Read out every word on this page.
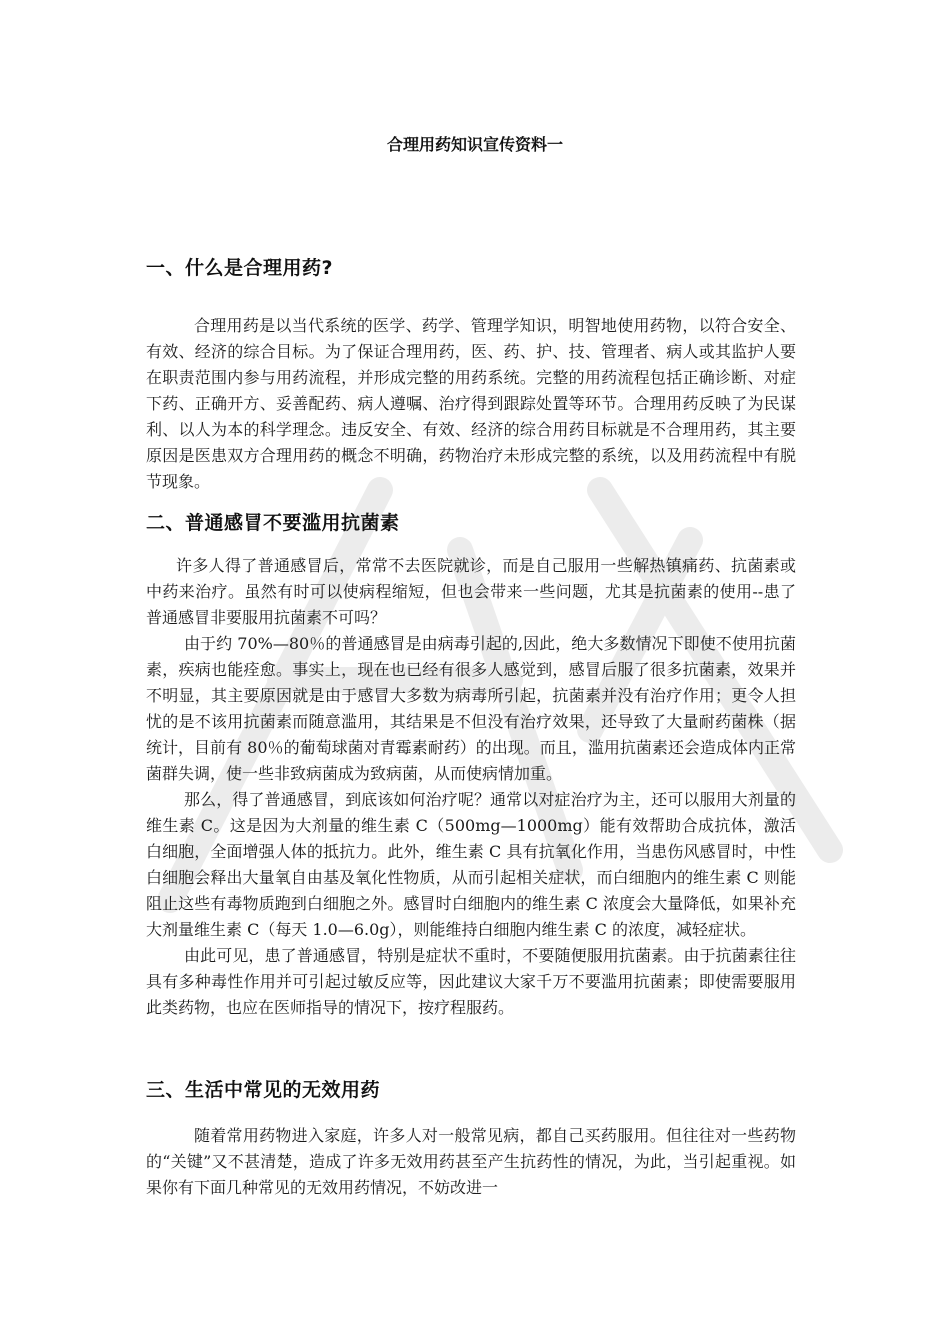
合理用药知识宣传资料一
一、什么是合理用药?

合理用药是以当代系统的医学、药学、管理学知识，明智地使用药物，以符合安全、有效、经济的综合目标。为了保证合理用药，医、药、护、技、管理者、病人或其监护人要在职责范围内参与用药流程，并形成完整的用药系统。完整的用药流程包括正确诊断、对症下药、正确开方、妥善配药、病人遵嘱、治疗得到跟踪处置等环节。合理用药反映了为民谋利、以人为本的科学理念。违反安全、有效、经济的综合用药目标就是不合理用药，其主要原因是医患双方合理用药的概念不明确，药物治疗未形成完整的系统，以及用药流程中有脱节现象。

二、普通感冒不要滥用抗菌素

许多人得了普通感冒后，常常不去医院就诊，而是自己服用一些解热镇痛药、抗菌素或中药来治疗。虽然有时可以使病程缩短，但也会带来一些问题，尤其是抗菌素的使用--患了普通感冒非要服用抗菌素不可吗？

由于约 70%—80％的普通感冒是由病毒引起的,因此，绝大多数情况下即使不使用抗菌素，疾病也能痊愈。事实上，现在也已经有很多人感觉到，感冒后服了很多抗菌素，效果并不明显，其主要原因就是由于感冒大多数为病毒所引起，抗菌素并没有治疗作用；更令人担忧的是不该用抗菌素而随意滥用，其结果是不但没有治疗效果，还导致了大量耐药菌株（据统计，目前有 80％的葡萄球菌对青霉素耐药）的出现。而且，滥用抗菌素还会造成体内正常菌群失调，使一些非致病菌成为致病菌，从而使病情加重。

那么，得了普通感冒，到底该如何治疗呢？通常以对症治疗为主，还可以服用大剂量的维生素 C。这是因为大剂量的维生素 C（500mg—1000mg）能有效帮助合成抗体，激活白细胞，全面增强人体的抵抗力。此外，维生素 C 具有抗氧化作用，当患伤风感冒时，中性白细胞会释出大量氧自由基及氧化性物质，从而引起相关症状，而白细胞内的维生素 C 则能阻止这些有毒物质跑到白细胞之外。感冒时白细胞内的维生素 C 浓度会大量降低，如果补充大剂量维生素 C（每天 1.0—6.0g），则能维持白细胞内维生素 C 的浓度，减轻症状。

由此可见，患了普通感冒，特别是症状不重时，不要随便服用抗菌素。由于抗菌素往往具有多种毒性作用并可引起过敏反应等，因此建议大家千万不要滥用抗菌素；即使需要服用此类药物，也应在医师指导的情况下，按疗程服药。

三、生活中常见的无效用药

随着常用药物进入家庭，许多人对一般常见病，都自己买药服用。但往往对一些药物的“关键”又不甚清楚，造成了许多无效用药甚至产生抗药性的情况，为此，当引起重视。如果你有下面几种常见的无效用药情况，不妨改进一
